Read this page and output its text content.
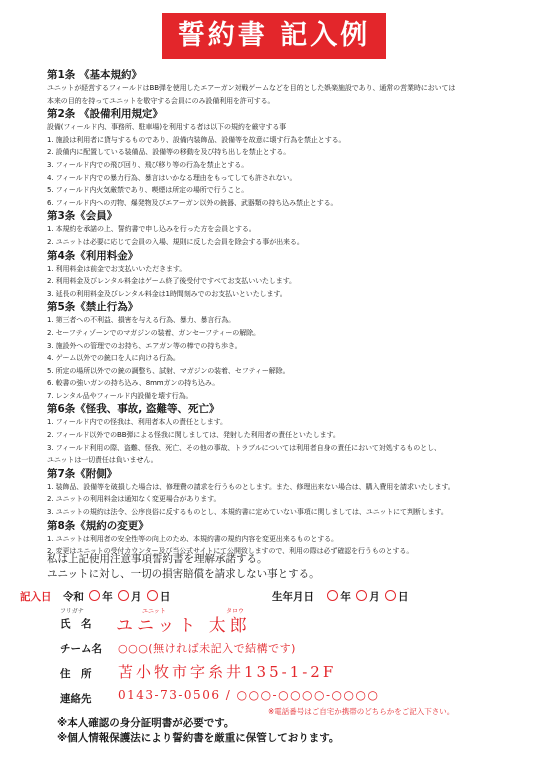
誓約書 記入例
第1条 《基本規約》
ユニットが経営するフィールドはBB弾を使用したエアーガン対戦ゲームなどを目的とした娯楽施設であり、通常の営業時においては
本来の目的を持ってユニットを敬守する会員にのみ設備利用を許可する。
第2条 《設備利用規定》
設備(フィールド内、事務所、駐車場)を利用する者は以下の規約を厳守する事
1. 施設は利用者に貸与するものであり、設備内装飾品、設備等を故意に壊す行為を禁止とする。
2. 設備内に配置している装備品、設備等の移動を及び持ち出しを禁止とする。
3. フィールド内での飛び回り、飛び移り等の行為を禁止とする。
4. フィールド内での暴力行為、暴言はいかなる理由をもってしても許されない。
5. フィールド内火気厳禁であり、喫煙は所定の場所で行うこと。
6. フィールド内への刃物、爆発物及びエアーガン以外の銃器、武器類の持ち込み禁止とする。
第3条《会員》
1. 本規約を承諾の上、誓約書で申し込みを行った方を会員とする。
2. ユニットは必要に応じて会員の入場、規則に反した会員を除会する事が出来る。
第4条《利用料金》
1. 利用料金は前金でお支払いいただきます。
2. 利用料金及びレンタル料金はゲーム終了後受付ですべてお支払いいたします。
3. 延長の利用料金及びレンタル料金は1時間刻みでのお支払いといたします。
第5条《禁止行為》
1. 第三者への不利益、損害を与える行為、暴力、暴言行為。
2. セーフティゾーンでのマガジンの装着、ガンセーフティーの解除。
3. 施設外への管理でのお持ち、エアガン等の棒での持ち歩き。
4. ゲーム以外での銃口を人に向ける行為。
5. 所定の場所以外での銃の調整ち、試射、マガジンの装着、セフティー解除。
6. 較書の強いガンの持ち込み、8mmガンの持ち込み。
7. レンタル品やフィールド内設備を壊す行為。
第6条《怪我、事故, 盗難等、死亡》
1. フィールド内での怪我は、利用者本人の責任とします。
2. フィールド以外でのBB弾による怪我に関しましては、発射した利用者の責任といたします。
3. フィールド利用の際、盗難、怪我、死亡、その他の事故、トラブルについては利用者自身の責任において対処するものとし、
ユニットは一切責任は負いません。
第7条《附側》
1. 装飾品、設備等を破損した場合は、修理費の請求を行うものとします。また、修理出来ない場合は、購入費用を請求いたします。
2. ユニットの利用料金は通知なく変更場合があります。
3. ユニットの規約は法令、公序良俗に反するものとし、本規約書に定めていない事項に関しましては、ユニットにて判断します。
第8条《規約の変更》
1. ユニットは利用者の安全性等の向上のため、本規約書の規約内容を変更出来るものとする。
2. 変更はユニットの受付カウンター及び当公式サイトにて公開致しますので、利用の際は必ず確認を行うものとする。
私は上記使用注意事項誓約書を理解承諾する。
ユニットに対し、一切の損害賠償を請求しない事とする。
記入日 令和 年 月 日	生年月日	年 月 日
フリガナ	ユニット	タロウ
氏　名 ユニット 太郎
チーム名 ○○○(無ければ未記入で結構です)
住　所 苫小牧市字糸井135-1-2F
連絡先 0143-73-0506 / ○○○-○○○○-○○○○
※電話番号はご自宅か携帯のどちらかをご記入下さい。
※本人確認の身分証明書が必要です。
※個人情報保護法により誓約書を厳重に保管しております。
